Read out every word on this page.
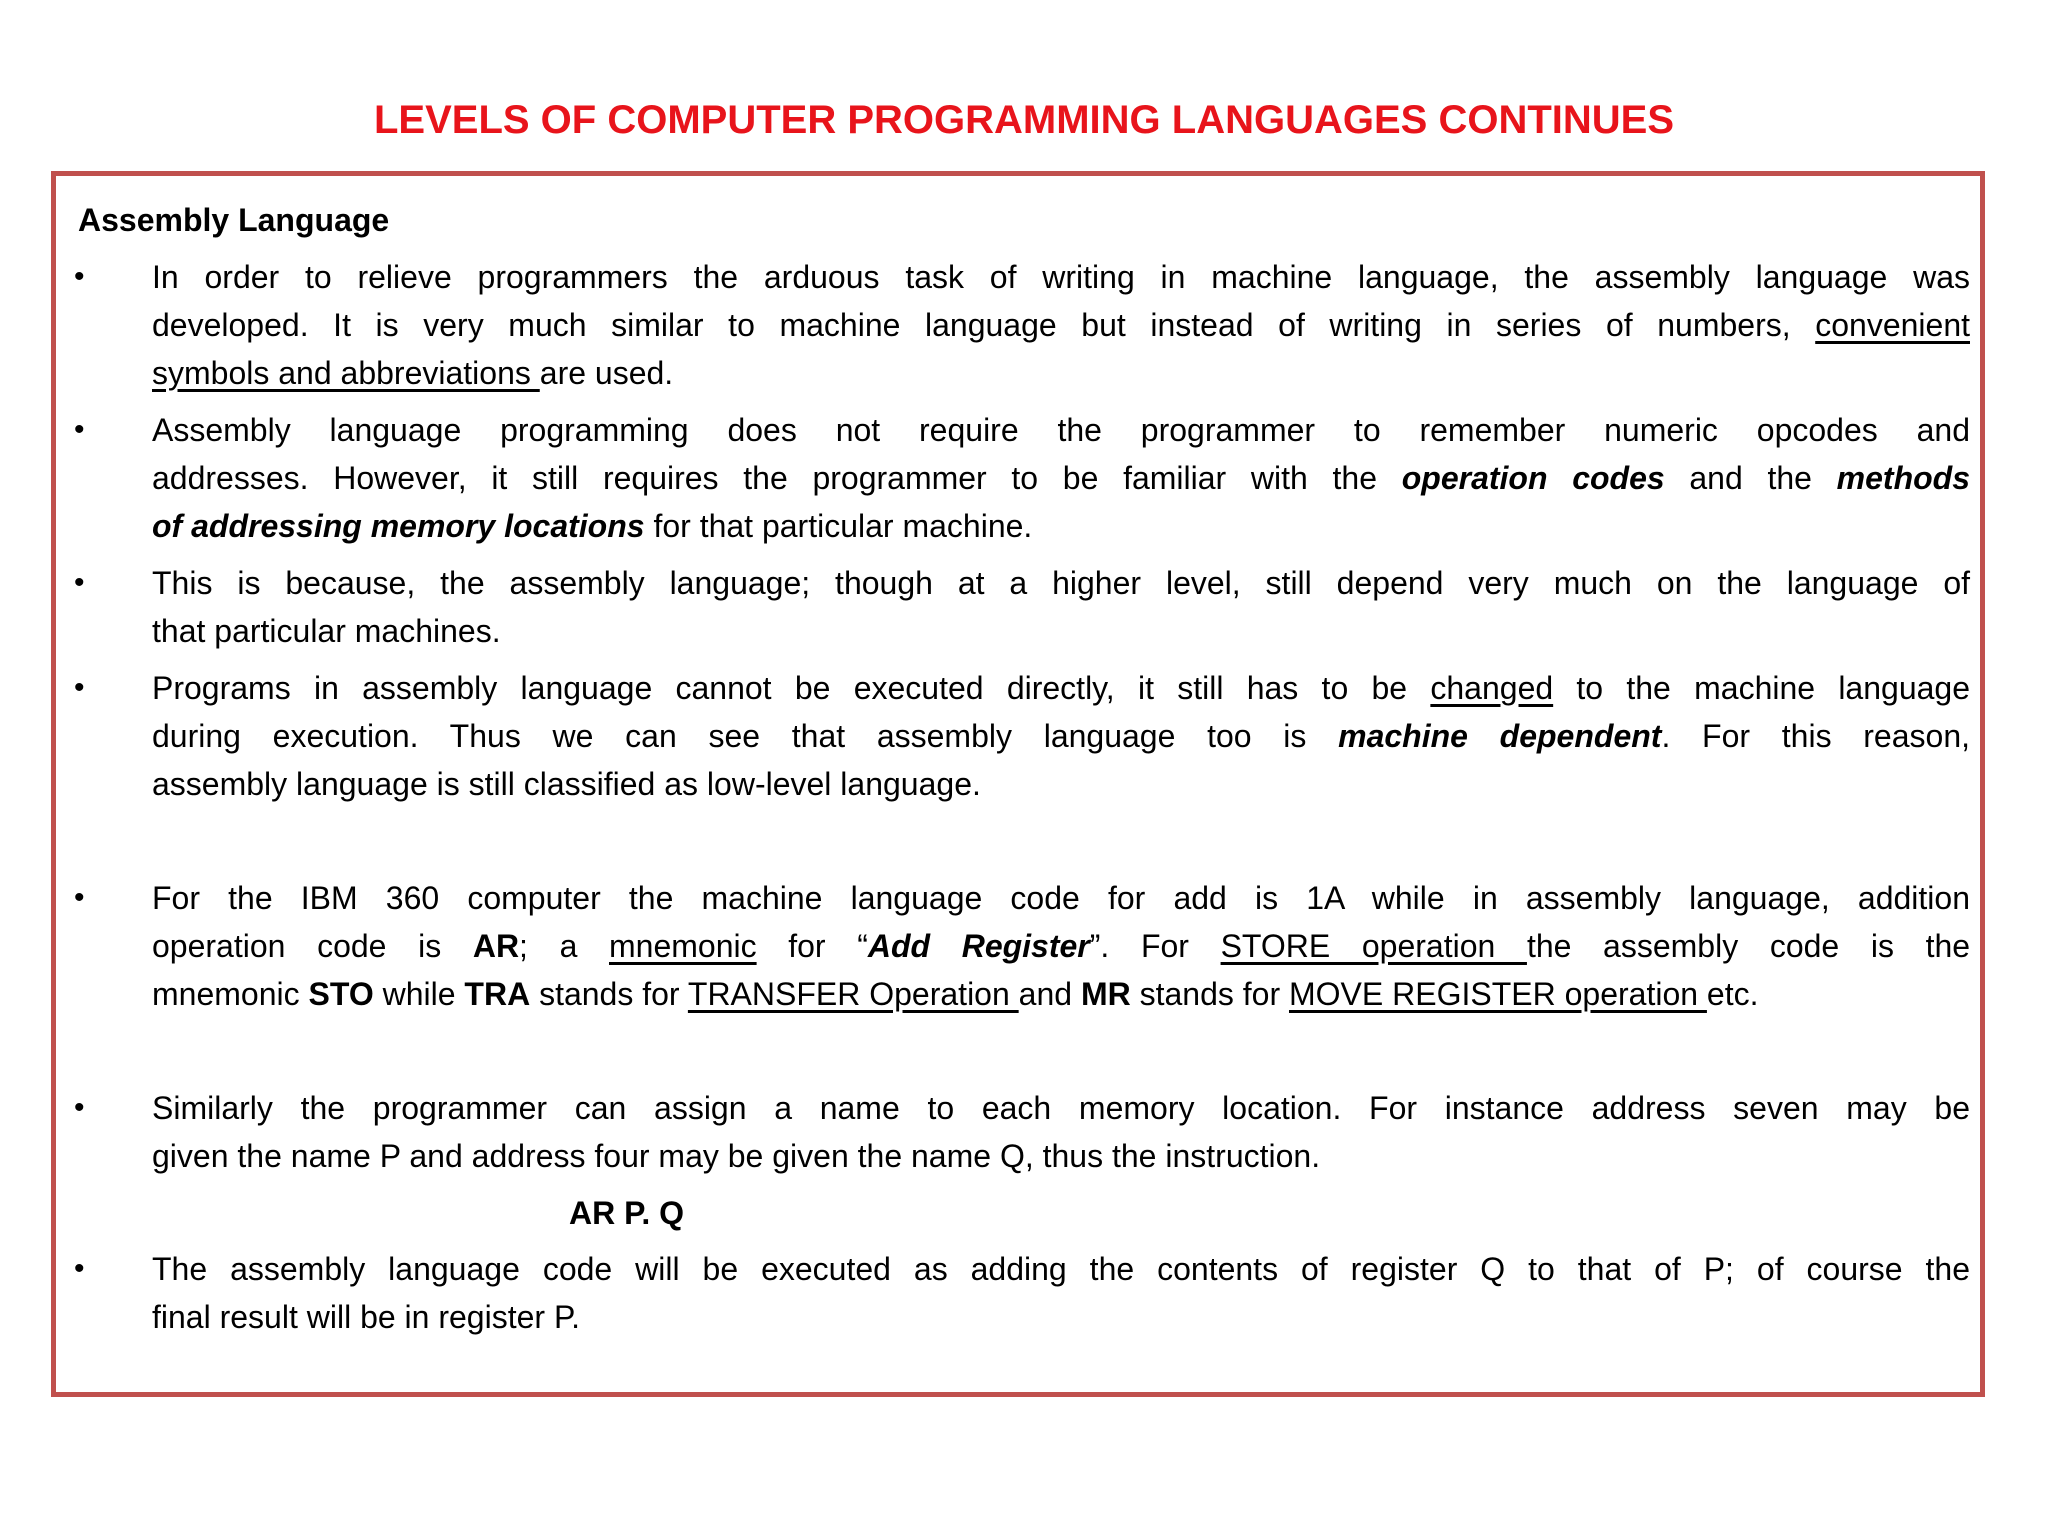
LEVELS OF COMPUTER PROGRAMMING LANGUAGES CONTINUES
Assembly Language
•	In order to relieve programmers the arduous task of writing in machine language, the assembly language was
developed. It is very much similar to machine language but instead of writing in series of numbers, convenient
symbols and abbreviations are used.
•	Assembly language programming does not require the programmer to remember numeric opcodes and
addresses. However, it still requires the programmer to be familiar with the operation codes and the methods
of addressing memory locations for that particular machine.
•	This is because, the assembly language; though at a higher level, still depend very much on the language of
that particular machines.
•	Programs in assembly language cannot be executed directly, it still has to be changed to the machine language
during execution. Thus we can see that assembly language too is machine dependent. For this reason,
assembly language is still classified as low-level language.
•	For the IBM 360 computer the machine language code for add is 1A while in assembly language, addition
operation code is AR; a mnemonic for “Add Register”. For STORE operation the assembly code is the
mnemonic STO while TRA stands for TRANSFER Operation and MR stands for MOVE REGISTER operation etc.
•	Similarly the programmer can assign a name to each memory location. For instance address seven may be
given the name P and address four may be given the name Q, thus the instruction.
AR P. Q
•	The assembly language code will be executed as adding the contents of register Q to that of P; of course the
final result will be in register P.
